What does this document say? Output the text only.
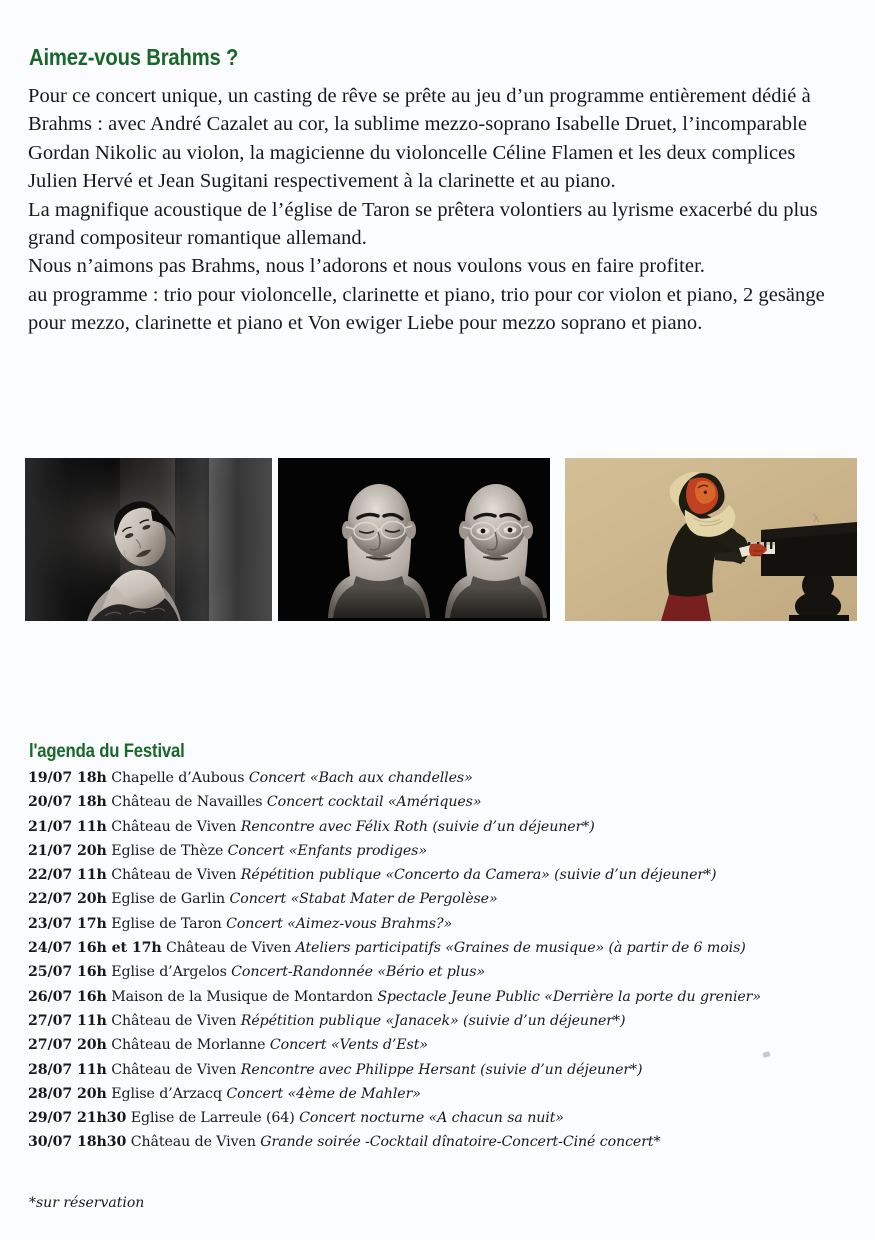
Aimez-vous Brahms ?

Pour ce concert unique, un casting de rêve se prête au jeu d’un programme entièrement dédié à Brahms : avec André Cazalet au cor, la sublime mezzo-soprano Isabelle Druet, l’incomparable Gordan Nikolic au violon, la magicienne du violoncelle Céline Flamen et les deux complices Julien Hervé et Jean Sugitani respectivement à la clarinette et au piano.

La magnifique acoustique de l’église de Taron se prêtera volontiers au lyrisme exacerbé du plus grand compositeur romantique allemand.

Nous n’aimons pas Brahms, nous l’adorons et nous voulons vous en faire profiter.

au programme : trio pour violoncelle, clarinette et piano, trio pour cor violon et piano, 2 gesänge pour mezzo, clarinette et piano et Von ewiger Liebe pour mezzo soprano et piano.

l'agenda du Festival
19/07 18h Chapelle d’Aubous Concert «Bach aux chandelles»
20/07 18h Château de Navailles Concert cocktail «Amériques»
21/07 11h Château de Viven Rencontre avec Félix Roth (suivie d’un déjeuner*)
21/07 20h Eglise de Thèze Concert «Enfants prodiges»
22/07 11h Château de Viven Répétition publique «Concerto da Camera» (suivie d’un déjeuner*)
22/07 20h Eglise de Garlin Concert «Stabat Mater de Pergolèse»
23/07 17h Eglise de Taron Concert «Aimez-vous Brahms?»
24/07 16h et 17h Château de Viven Ateliers participatifs «Graines de musique» (à partir de 6 mois)
25/07 16h Eglise d’Argelos Concert-Randonnée «Bério et plus»
26/07 16h Maison de la Musique de Montardon Spectacle Jeune Public «Derrière la porte du grenier»
27/07 11h Château de Viven Répétition publique «Janacek» (suivie d’un déjeuner*)
27/07 20h Château de Morlanne Concert «Vents d’Est»
28/07 11h Château de Viven Rencontre avec Philippe Hersant (suivie d’un déjeuner*)
28/07 20h Eglise d’Arzacq Concert «4ème de Mahler»
29/07 21h30 Eglise de Larreule (64) Concert nocturne «A chacun sa nuit»
30/07 18h30 Château de Viven Grande soirée -Cocktail dînatoire-Concert-Ciné concert*
*sur réservation
